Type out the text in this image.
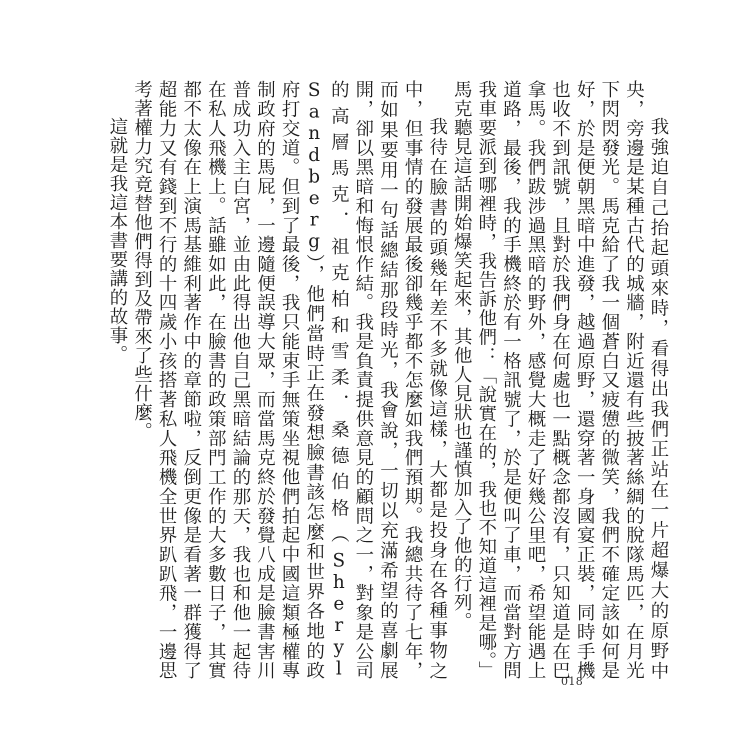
我強迫自己抬起頭來時，看得出我們正站在一片超爆大的原野中央，旁邊是某種古代的城牆，附近還有些披著絲綢的脫隊馬匹，在月光下閃閃發光。馬克給了我一個蒼白又疲憊的微笑，我們不確定該如何是好，於是便朝黑暗中進發，越過原野，還穿著一身國宴正裝，同時手機也收不到訊號，且對於我們身在何處也一點概念都沒有，只知道是在巴拿馬。我們跋涉過黑暗的野外，感覺大概走了好幾公里吧，希望能遇上道路，最後，我的手機終於有一格訊號了，於是便叫了車，而當對方問我車要派到哪裡時，我告訴他們：「說實在的，我也不知道這裡是哪。」馬克聽見這話開始爆笑起來，其他人見狀也謹慎加入了他的行列。

我待在臉書的頭幾年差不多就像這樣，大都是投身在各種事物之中，但事情的發展最後卻幾乎都不怎麼如我們預期。我總共待了七年，而如果要用一句話總結那段時光，我會說，一切以充滿希望的喜劇展開，卻以黑暗和悔恨作結。我是負責提供意見的顧問之一，對象是公司的高層馬克．祖克柏和雪柔．桑德伯格（Sheryl Sandberg），他們當時正在發想臉書該怎麼和世界各地的政府打交道。但到了最後，我只能束手無策坐視他們拍起中國這類極權專制政府的馬屁，一邊隨便誤導大眾，而當馬克終於發覺八成是臉書害川普成功入主白宮，並由此得出他自己黑暗結論的那天，我也和他一起待在私人飛機上。話雖如此，在臉書的政策部門工作的大多數日子，其實都不太像在上演馬基維利著作中的章節啦，反倒更像是看著一群獲得了超能力又有錢到不行的十四歲小孩搭著私人飛機全世界趴趴飛，一邊思考著權力究竟替他們得到及帶來了些什麼。

這就是我這本書要講的故事。

018
